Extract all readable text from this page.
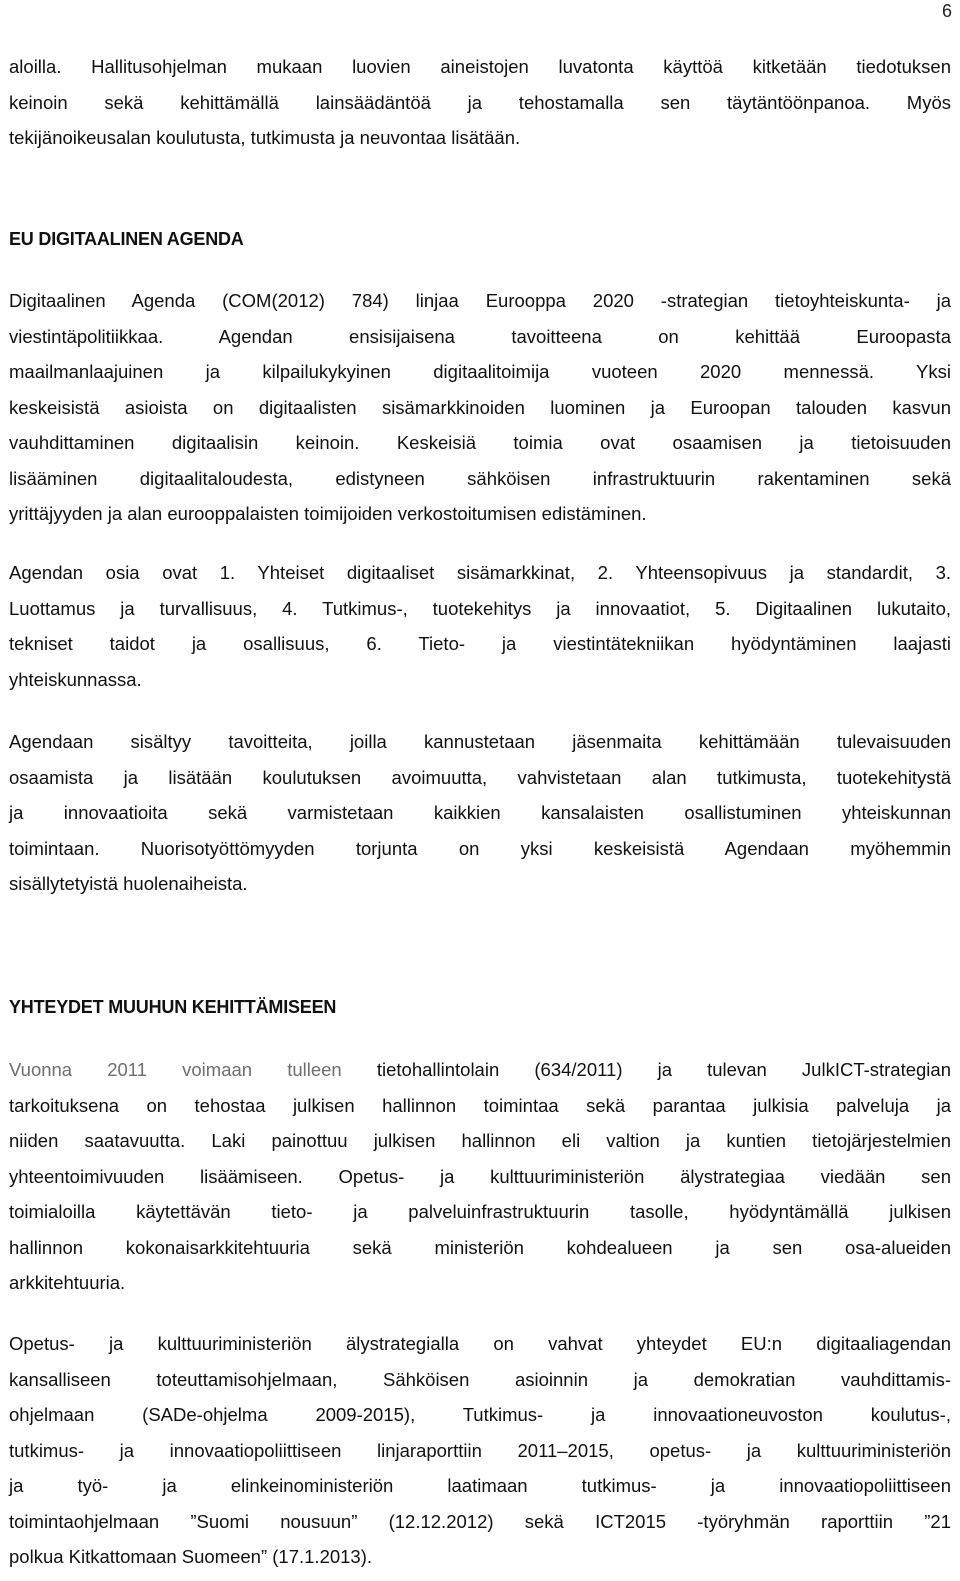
6
aloilla. Hallitusohjelman mukaan luovien aineistojen luvatonta käyttöä kitketään tiedotuksen
keinoin sekä kehittämällä lainsäädäntöä ja tehostamalla sen täytäntöönpanoa. Myös
tekijänoikeusalan koulutusta, tutkimusta ja neuvontaa lisätään.
EU DIGITAALINEN AGENDA
Digitaalinen Agenda (COM(2012) 784) linjaa Eurooppa 2020 -strategian tietoyhteiskunta- ja
viestintäpolitiikkaa. Agendan ensisijaisena tavoitteena on kehittää Euroopasta
maailmanlaajuinen ja kilpailukykyinen digitaalitoimija vuoteen 2020 mennessä. Yksi
keskeisistä asioista on digitaalisten sisämarkkinoiden luominen ja Euroopan talouden kasvun
vauhdittaminen digitaalisin keinoin. Keskeisiä toimia ovat osaamisen ja tietoisuuden
lisääminen digitaalitaloudesta, edistyneen sähköisen infrastruktuurin rakentaminen sekä
yrittäjyyden ja alan eurooppalaisten toimijoiden verkostoitumisen edistäminen.
Agendan osia ovat 1. Yhteiset digitaaliset sisämarkkinat, 2. Yhteensopivuus ja standardit, 3.
Luottamus ja turvallisuus, 4. Tutkimus-, tuotekehitys ja innovaatiot, 5. Digitaalinen lukutaito,
tekniset taidot ja osallisuus, 6. Tieto- ja viestintätekniikan hyödyntäminen laajasti
yhteiskunnassa.
Agendaan sisältyy tavoitteita, joilla kannustetaan jäsenmaita kehittämään tulevaisuuden
osaamista ja lisätään koulutuksen avoimuutta, vahvistetaan alan tutkimusta, tuotekehitystä
ja innovaatioita sekä varmistetaan kaikkien kansalaisten osallistuminen yhteiskunnan
toimintaan. Nuorisotyöttömyyden torjunta on yksi keskeisistä Agendaan myöhemmin
sisällytetyistä huolenaiheista.
YHTEYDET MUUHUN KEHITTÄMISEEN
Vuonna 2011 voimaan tulleen tietohallintolain (634/2011) ja tulevan JulkICT-strategian
tarkoituksena on tehostaa julkisen hallinnon toimintaa sekä parantaa julkisia palveluja ja
niiden saatavuutta. Laki painottuu julkisen hallinnon eli valtion ja kuntien tietojärjestelmien
yhteentoimivuuden lisäämiseen. Opetus- ja kulttuuriministeriön älystrategiaa viedään sen
toimialoilla käytettävän tieto- ja palveluinfrastruktuurin tasolle, hyödyntämällä julkisen
hallinnon kokonaisarkkitehtuuria sekä ministeriön kohdealueen ja sen osa-alueiden
arkkitehtuuria.
Opetus- ja kulttuuriministeriön älystrategialla on vahvat yhteydet EU:n digitaaliagendan
kansalliseen toteuttamisohjelmaan, Sähköisen asioinnin ja demokratian vauhdittamis-
ohjelmaan (SADe-ohjelma 2009-2015), Tutkimus- ja innovaationeuvoston koulutus-,
tutkimus- ja innovaatiopoliittiseen linjaraporttiin 2011–2015, opetus- ja kulttuuriministeriön
ja työ- ja elinkeinoministeriön laatimaan tutkimus- ja innovaatiopoliittiseen
toimintaohjelmaan ”Suomi nousuun” (12.12.2012) sekä ICT2015 -työryhmän raporttiin ”21
polkua Kitkattomaan Suomeen” (17.1.2013).
